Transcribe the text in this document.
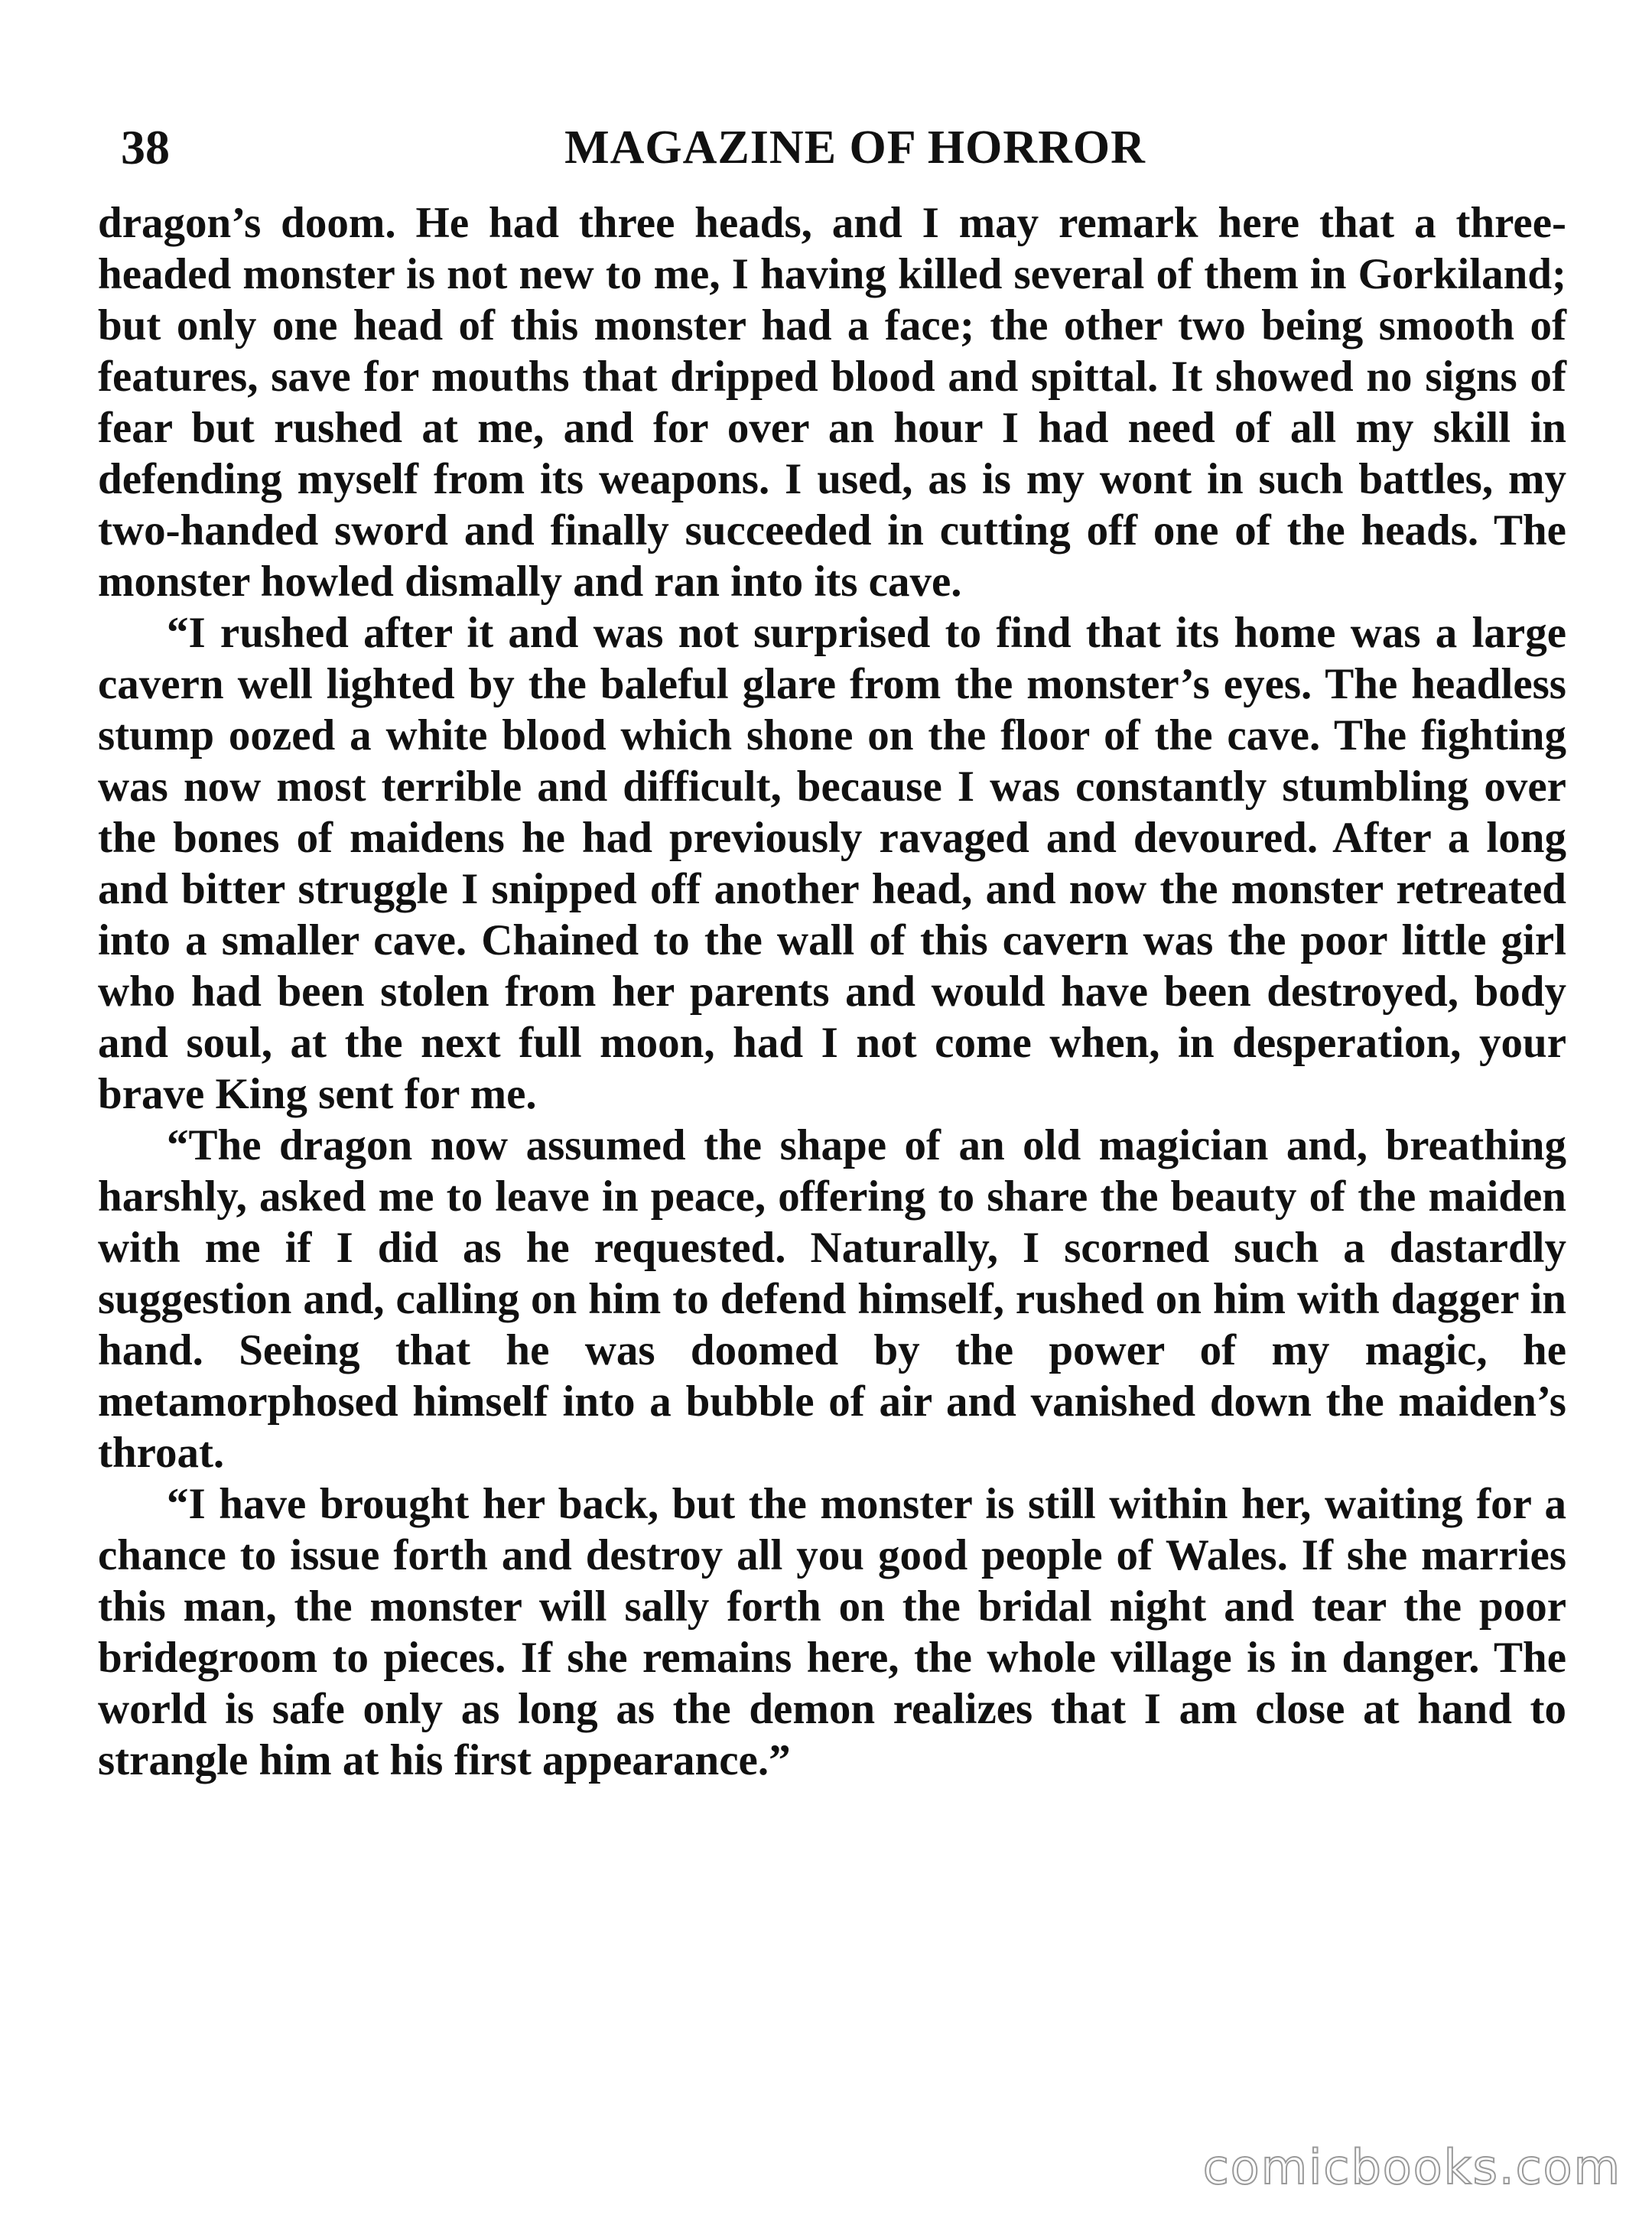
38	MAGAZINE OF HORROR

dragon’s doom. He had three heads, and I may remark here that a three-headed monster is not new to me, I having killed several of them in Gorkiland; but only one head of this monster had a face; the other two being smooth of features, save for mouths that dripped blood and spittal. It showed no signs of fear but rushed at me, and for over an hour I had need of all my skill in defending myself from its weapons. I used, as is my wont in such battles, my two-handed sword and finally succeeded in cutting off one of the heads. The monster howled dismally and ran into its cave.

“I rushed after it and was not surprised to find that its home was a large cavern well lighted by the baleful glare from the monster’s eyes. The headless stump oozed a white blood which shone on the floor of the cave. The fighting was now most terrible and difficult, because I was constantly stumbling over the bones of maidens he had previously ravaged and devoured. After a long and bitter struggle I snipped off another head, and now the monster retreated into a smaller cave. Chained to the wall of this cavern was the poor little girl who had been stolen from her parents and would have been destroyed, body and soul, at the next full moon, had I not come when, in desperation, your brave King sent for me.

“The dragon now assumed the shape of an old magician and, breathing harshly, asked me to leave in peace, offering to share the beauty of the maiden with me if I did as he requested. Naturally, I scorned such a dastardly suggestion and, calling on him to defend himself, rushed on him with dagger in hand. Seeing that he was doomed by the power of my magic, he metamorphosed himself into a bubble of air and vanished down the maiden’s throat.

“I have brought her back, but the monster is still within her, waiting for a chance to issue forth and destroy all you good people of Wales. If she marries this man, the monster will sally forth on the bridal night and tear the poor bridegroom to pieces. If she remains here, the whole village is in danger. The world is safe only as long as the demon realizes that I am close at hand to strangle him at his first appearance.”

comicbooks.com
